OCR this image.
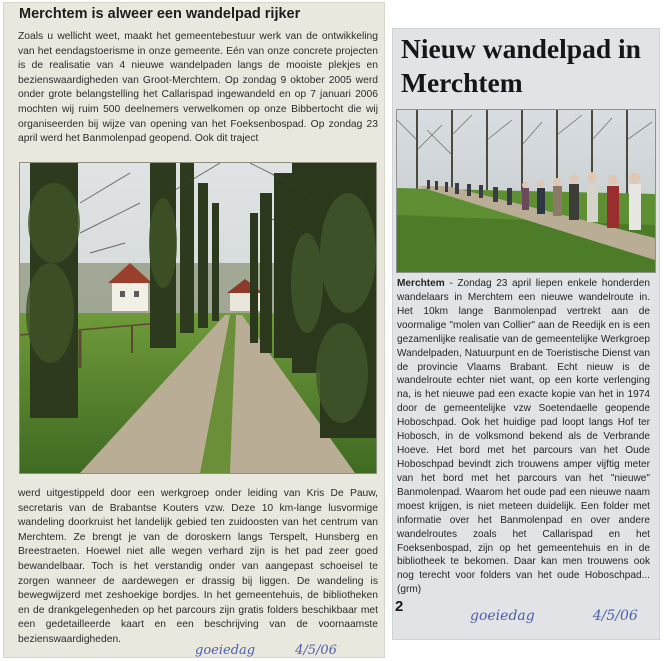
Merchtem is alweer een wandelpad rijker

Zoals u wellicht weet, maakt het gemeentebestuur werk van de ontwikkeling van het eendagstoerisme in onze gemeente. Eén van onze concrete projecten is de realisatie van 4 nieuwe wandelpaden langs de mooiste plekjes en bezienswaardigheden van Groot-Merchtem. Op zondag 9 oktober 2005 werd onder grote belangstelling het Callarispad ingewandeld en op 7 januari 2006 mochten wij ruim 500 deelnemers verwelkomen op onze Bibbertocht die wij organiseerden bij wijze van opening van het Foeksenbospad. Op zondag 23 april werd het Banmolenpad geopend. Ook dit traject

werd uitgestippeld door een werkgroep onder leiding van Kris De Pauw, secretaris van de Brabantse Kouters vzw. Deze 10 km-lange lusvormige wandeling doorkruist het landelijk gebied ten zuidoosten van het centrum van Merchtem. Ze brengt je van de doroskern langs Terspelt, Hunsberg en Breestraeten. Hoewel niet alle wegen verhard zijn is het pad zeer goed bewandelbaar. Toch is het verstandig onder van aangepast schoeisel te zorgen wanneer de aardewegen er drassig bij liggen. De wandeling is bewegwijzerd met zeshoekige bordjes. In het gemeentehuis, de bibliotheken en de drankgelegenheden op het parcours zijn gratis folders beschikbaar met een gedetailleerde kaart en een beschrijving van de voornaamste bezienswaardigheden.

goeiedag	4/5/06
Nieuw wandelpad in Merchtem

Merchtem - Zondag 23 april liepen enkele honderden wandelaars in Merchtem een nieuwe wandelroute in. Het 10km lange Banmolenpad vertrekt aan de voormalige "molen van Collier" aan de Reedijk en is een gezamenlijke realisatie van de gemeentelijke Werkgroep Wandelpaden, Natuurpunt en de Toeristische Dienst van de provincie Vlaams Brabant. Echt nieuw is de wandelroute echter niet want, op een korte verlenging na, is het nieuwe pad een exacte kopie van het in 1974 door de gemeentelijke vzw Soetendaelle geopende Hoboschpad. Ook het huidige pad loopt langs Hof ter Hobosch, in de volksmond bekend als de Verbrande Hoeve. Het bord met het parcours van het Oude Hoboschpad bevindt zich trouwens amper vijftig meter van het bord met het parcours van het "nieuwe" Banmolenpad. Waarom het oude pad een nieuwe naam moest krijgen, is niet meteen duidelijk. Een folder met informatie over het Banmolenpad en over andere wandelroutes zoals het Callarispad en het Foeksenbospad, zijn op het gemeentehuis en in de bibliotheek te bekomen. Daar kan men trouwens ook nog terecht voor folders van het oude Hoboschpad... (grm)

2
goeiedag	4/5/06
